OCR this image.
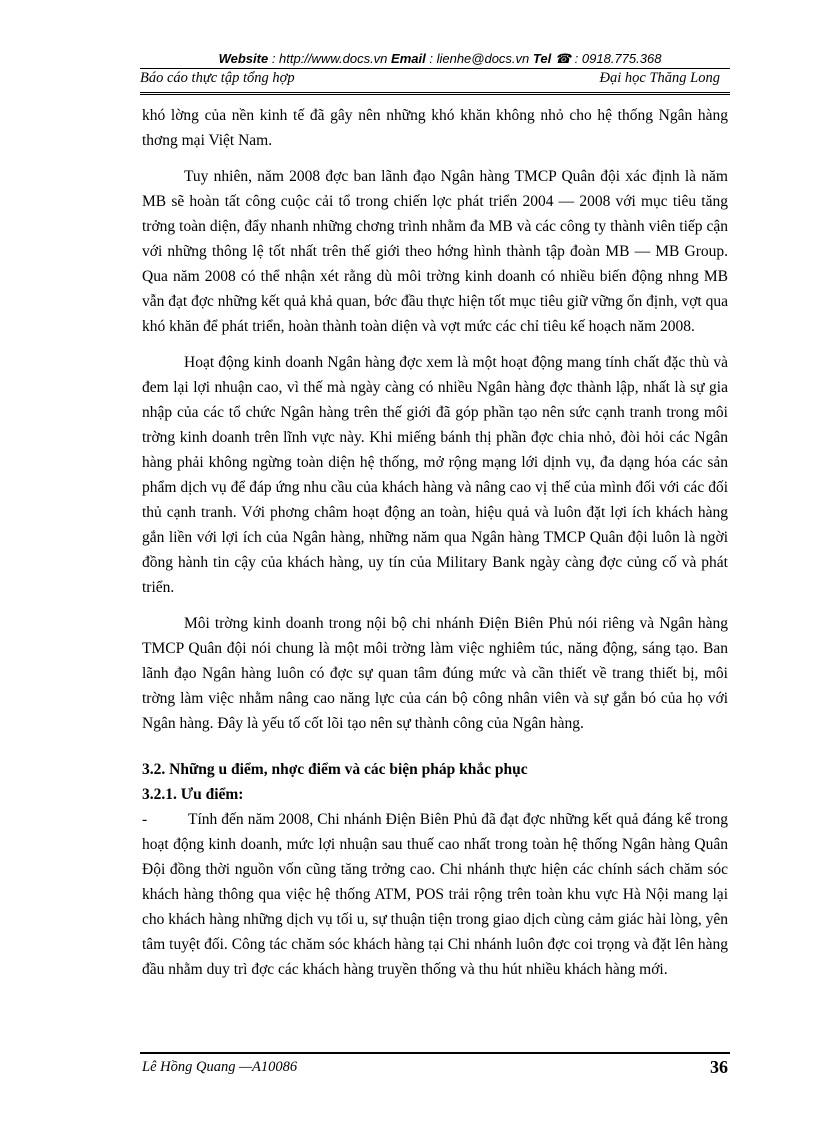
Website : http://www.docs.vn Email : lienhe@docs.vn Tel ☎ : 0918.775.368
Báo cáo thực tập tổng hợp	Đại học Thăng Long

khó lờng của nền kinh tế đã gây nên những khó khăn không nhỏ cho hệ thống Ngân hàng thơng mại Việt Nam.

Tuy nhiên, năm 2008 đợc ban lãnh đạo Ngân hàng TMCP Quân đội xác định là năm MB sẽ hoàn tất công cuộc cải tổ trong chiến lợc phát triển 2004 — 2008 với mục tiêu tăng trởng toàn diện, đẩy nhanh những chơng trình nhằm đa MB và các công ty thành viên tiếp cận với những thông lệ tốt nhất trên thế giới theo hớng hình thành tập đoàn MB — MB Group. Qua năm 2008 có thể nhận xét rằng dù môi trờng kinh doanh có nhiều biến động nhng MB vẫn đạt đợc những kết quả khả quan, bớc đầu thực hiện tốt mục tiêu giữ vững ổn định, vợt qua khó khăn để phát triển, hoàn thành toàn diện và vợt mức các chỉ tiêu kế hoạch năm 2008.

Hoạt động kinh doanh Ngân hàng đợc xem là một hoạt động mang tính chất đặc thù và đem lại lợi nhuận cao, vì thế mà ngày càng có nhiều Ngân hàng đợc thành lập, nhất là sự gia nhập của các tổ chức Ngân hàng trên thế giới đã góp phần tạo nên sức cạnh tranh trong môi trờng kinh doanh trên lĩnh vực này. Khi miếng bánh thị phần đợc chia nhỏ, đòi hỏi các Ngân hàng phải không ngừng toàn diện hệ thống, mở rộng mạng lới dịnh vụ, đa dạng hóa các sản phẩm dịch vụ để đáp ứng nhu cầu của khách hàng và nâng cao vị thế của mình đối với các đối thủ cạnh tranh. Với phơng châm hoạt động an toàn, hiệu quả và luôn đặt lợi ích khách hàng gắn liền với lợi ích của Ngân hàng, những năm qua Ngân hàng TMCP Quân đội luôn là ngời đồng hành tin cậy của khách hàng, uy tín của Military Bank ngày càng đợc củng cố và phát triển.

Môi trờng kinh doanh trong nội bộ chi nhánh Điện Biên Phủ nói riêng và Ngân hàng TMCP Quân đội nói chung là một môi trờng làm việc nghiêm túc, năng động, sáng tạo. Ban lãnh đạo Ngân hàng luôn có đợc sự quan tâm đúng mức và cần thiết về trang thiết bị, môi trờng làm việc nhằm nâng cao năng lực của cán bộ công nhân viên và sự gắn bó của họ với Ngân hàng. Đây là yếu tố cốt lõi tạo nên sự thành công của Ngân hàng.

3.2. Những u điểm, nhợc điểm và các biện pháp khắc phục

3.2.1. Ưu điểm:

-	Tính đến năm 2008, Chi nhánh Điện Biên Phủ đã đạt đợc những kết quả đáng kể trong hoạt động kinh doanh, mức lợi nhuận sau thuế cao nhất trong toàn hệ thống Ngân hàng Quân Đội đồng thời nguồn vốn cũng tăng trởng cao. Chi nhánh thực hiện các chính sách chăm sóc khách hàng thông qua việc hệ thống ATM, POS trải rộng trên toàn khu vực Hà Nội mang lại cho khách hàng những dịch vụ tối u, sự thuận tiện trong giao dịch cùng cảm giác hài lòng, yên tâm tuyệt đối. Công tác chăm sóc khách hàng tại Chi nhánh luôn đợc coi trọng và đặt lên hàng đầu nhằm duy trì đợc các khách hàng truyền thống và thu hút nhiều khách hàng mới.

Lê Hồng Quang —A10086	36
